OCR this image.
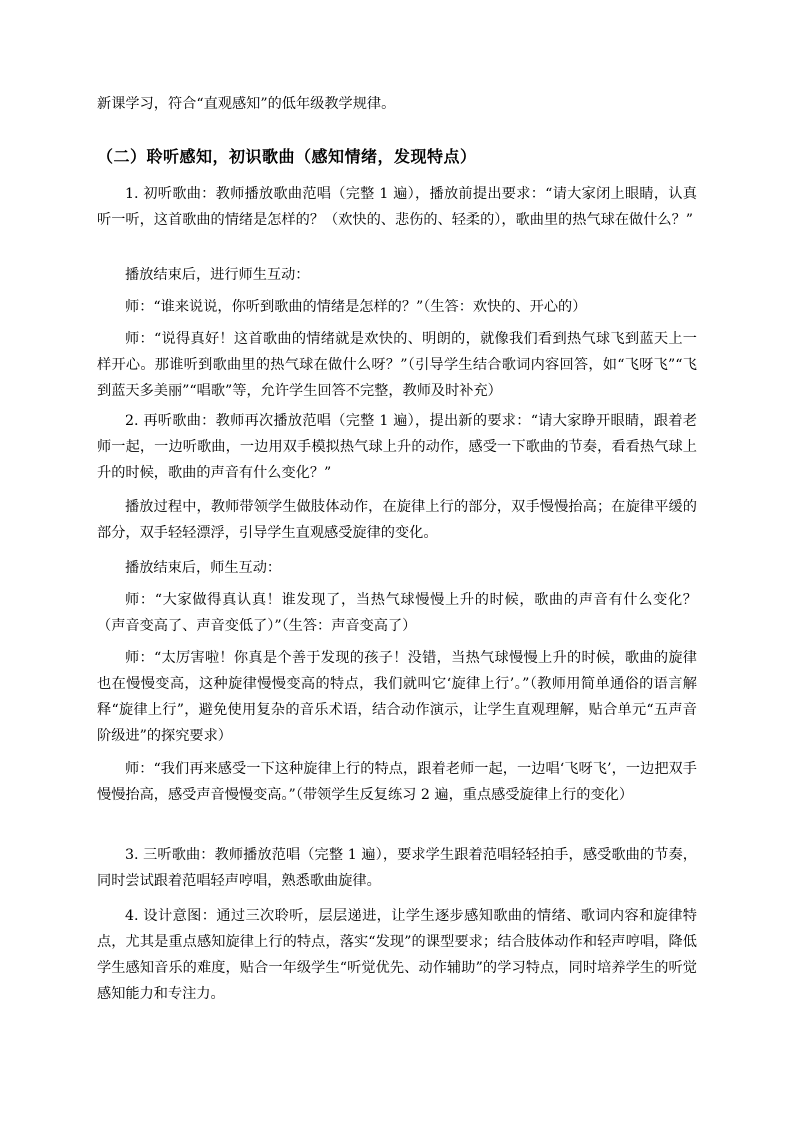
新课学习，符合“直观感知”的低年级教学规律。

（二）聆听感知，初识歌曲（感知情绪，发现特点）

1. 初听歌曲：教师播放歌曲范唱（完整 1 遍），播放前提出要求：“请大家闭上眼睛，认真听一听，这首歌曲的情绪是怎样的？（欢快的、悲伤的、轻柔的），歌曲里的热气球在做什么？”

播放结束后，进行师生互动：

师：“谁来说说，你听到歌曲的情绪是怎样的？”（生答：欢快的、开心的）

师：“说得真好！这首歌曲的情绪就是欢快的、明朗的，就像我们看到热气球飞到蓝天上一样开心。那谁听到歌曲里的热气球在做什么呀？”（引导学生结合歌词内容回答，如“飞呀飞”“飞到蓝天多美丽”“唱歌”等，允许学生回答不完整，教师及时补充）

2. 再听歌曲：教师再次播放范唱（完整 1 遍），提出新的要求：“请大家睁开眼睛，跟着老师一起，一边听歌曲，一边用双手模拟热气球上升的动作，感受一下歌曲的节奏，看看热气球上升的时候，歌曲的声音有什么变化？”

播放过程中，教师带领学生做肢体动作，在旋律上行的部分，双手慢慢抬高；在旋律平缓的部分，双手轻轻漂浮，引导学生直观感受旋律的变化。

播放结束后，师生互动：

师：“大家做得真认真！谁发现了，当热气球慢慢上升的时候，歌曲的声音有什么变化？（声音变高了、声音变低了）”（生答：声音变高了）

师：“太厉害啦！你真是个善于发现的孩子！没错，当热气球慢慢上升的时候，歌曲的旋律也在慢慢变高，这种旋律慢慢变高的特点，我们就叫它‘旋律上行’。”（教师用简单通俗的语言解释“旋律上行”，避免使用复杂的音乐术语，结合动作演示，让学生直观理解，贴合单元“五声音阶级进”的探究要求）

师：“我们再来感受一下这种旋律上行的特点，跟着老师一起，一边唱‘飞呀飞’，一边把双手慢慢抬高，感受声音慢慢变高。”（带领学生反复练习 2 遍，重点感受旋律上行的变化）

3. 三听歌曲：教师播放范唱（完整 1 遍），要求学生跟着范唱轻轻拍手，感受歌曲的节奏，同时尝试跟着范唱轻声哼唱，熟悉歌曲旋律。

4. 设计意图：通过三次聆听，层层递进，让学生逐步感知歌曲的情绪、歌词内容和旋律特点，尤其是重点感知旋律上行的特点，落实“发现”的课型要求；结合肢体动作和轻声哼唱，降低学生感知音乐的难度，贴合一年级学生“听觉优先、动作辅助”的学习特点，同时培养学生的听觉感知能力和专注力。
